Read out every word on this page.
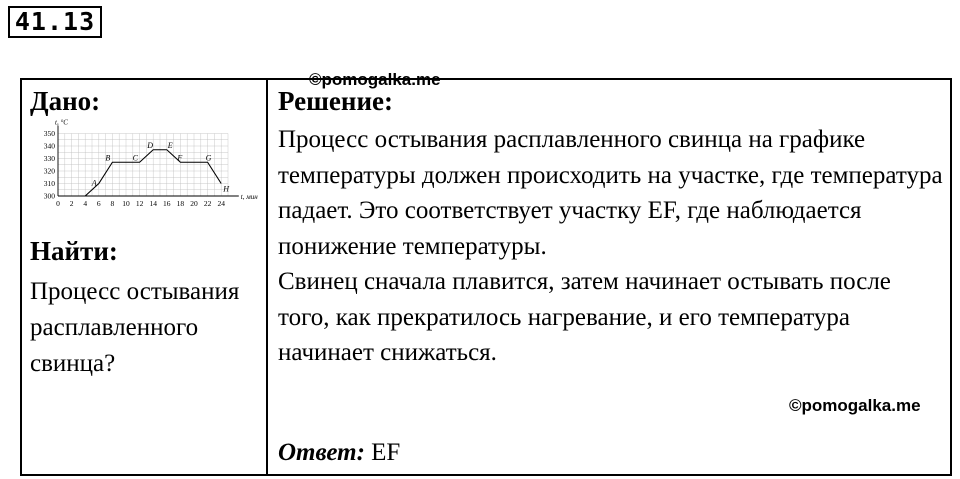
41.13
Дано:
t, мин
t, °C
0 2 4 6 8 10 12 14 16 18 20 22 24
300
310
320
330
340
350
A
B	C
D E
F	G
H
Найти:
Процесс остывания расплавленного свинца?
Решение:

Процесс остывания расплавленного свинца на графике температуры должен происходить на участке, где температура падает. Это соответствует участку EF, где наблюдается понижение температуры.

Свинец сначала плавится, затем начинает остывать после того, как прекратилось нагревание, и его температура начинает снижаться.

Ответ: EF
©pomogalka.me
©pomogalka.me
